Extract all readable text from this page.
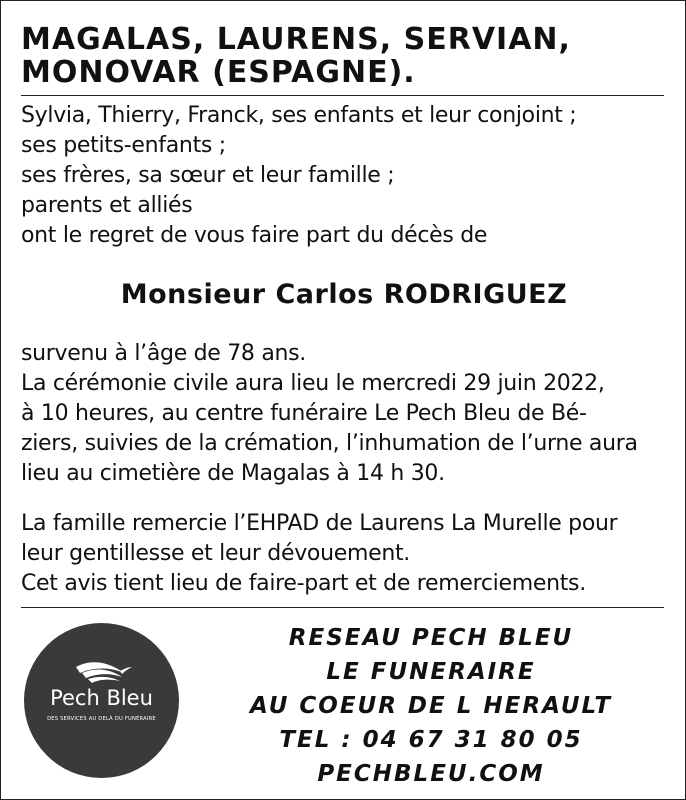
MAGALAS, LAURENS, SERVIAN,
MONOVAR (ESPAGNE).
Sylvia, Thierry, Franck, ses enfants et leur conjoint ;
ses petits-enfants ;
ses frères, sa sœur et leur famille ;
parents et alliés
ont le regret de vous faire part du décès de
Monsieur Carlos RODRIGUEZ
survenu à l’âge de 78 ans.
La cérémonie civile aura lieu le mercredi 29 juin 2022,
à 10 heures, au centre funéraire Le Pech Bleu de Bé-
ziers, suivies de la crémation, l’inhumation de l’urne aura
lieu au cimetière de Magalas à 14 h 30.
La famille remercie l’EHPAD de Laurens La Murelle pour
leur gentillesse et leur dévouement.
Cet avis tient lieu de faire-part et de remerciements.
Pech Bleu
DES SERVICES AU DELÀ DU FUNÉRAIRE
RESEAU PECH BLEU
LE FUNERAIRE
AU COEUR DE L HERAULT
TEL : 04 67 31 80 05
PECHBLEU.COM
